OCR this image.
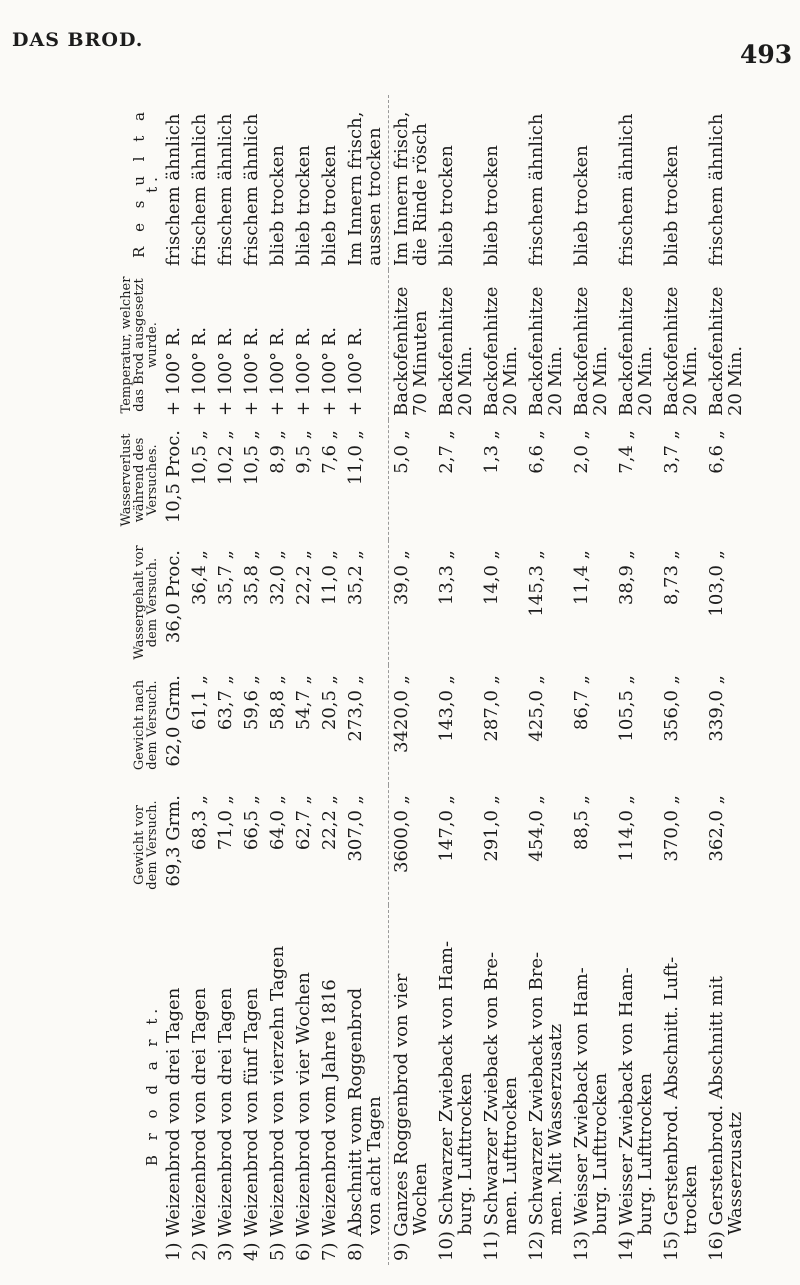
DAS BROD.	493
B r o d a r t.	Gewicht vor dem Versuch.	Gewicht nach dem Versuch.	Wassergehalt vor dem Versuch.	Wasserverlust während des Versuches.	Temperatur, welcher das Brod ausgesetzt wurde.	R e s u l t a t.
1) Weizenbrod von drei Tagen	69,3 Grm.	62,0 Grm.	36,0 Proc.	10,5 Proc.	+ 100° R.	frischem ähnlich
2) Weizenbrod von drei Tagen	68,3 „	61,1 „	36,4 „	10,5 „	+ 100° R.	frischem ähnlich
3) Weizenbrod von drei Tagen	71,0 „	63,7 „	35,7 „	10,2 „	+ 100° R.	frischem ähnlich
4) Weizenbrod von fünf Tagen	66,5 „	59,6 „	35,8 „	10,5 „	+ 100° R.	frischem ähnlich
5) Weizenbrod von vierzehn Tagen	64,0 „	58,8 „	32,0 „	8,9 „	+ 100° R.	blieb trocken
6) Weizenbrod von vier Wochen	62,7 „	54,7 „	22,2 „	9,5 „	+ 100° R.	blieb trocken
7) Weizenbrod vom Jahre 1816	22,2 „	20,5 „	11,0 „	7,6 „	+ 100° R.	blieb trocken
8) Abschnitt vom Roggenbrod
von acht Tagen	307,0 „	273,0 „	35,2 „	11,0 „	+ 100° R.	Im Innern frisch, aussen trocken
9) Ganzes Roggenbrod von vier
Wochen	3600,0 „	3420,0 „	39,0 „	5,0 „	Backofenhitze 70 Minuten	Im Innern frisch, die Rinde rösch
10) Schwarzer Zwieback von Ham-
burg. Lufttrocken	147,0 „	143,0 „	13,3 „	2,7 „	Backofenhitze 20 Min.	blieb trocken
11) Schwarzer Zwieback von Bre-
men. Lufttrocken	291,0 „	287,0 „	14,0 „	1,3 „	Backofenhitze 20 Min.	blieb trocken
12) Schwarzer Zwieback von Bre-
men. Mit Wasserzusatz	454,0 „	425,0 „	145,3 „	6,6 „	Backofenhitze 20 Min.	frischem ähnlich
13) Weisser Zwieback von Ham-
burg. Lufttrocken	88,5 „	86,7 „	11,4 „	2,0 „	Backofenhitze 20 Min.	blieb trocken
14) Weisser Zwieback von Ham-
burg. Lufttrocken	114,0 „	105,5 „	38,9 „	7,4 „	Backofenhitze 20 Min.	frischem ähnlich
15) Gerstenbrod. Abschnitt. Luft-
trocken	370,0 „	356,0 „	8,73 „	3,7 „	Backofenhitze 20 Min.	blieb trocken
16) Gerstenbrod. Abschnitt mit
Wasserzusatz	362,0 „	339,0 „	103,0 „	6,6 „	Backofenhitze 20 Min.	frischem ähnlich
